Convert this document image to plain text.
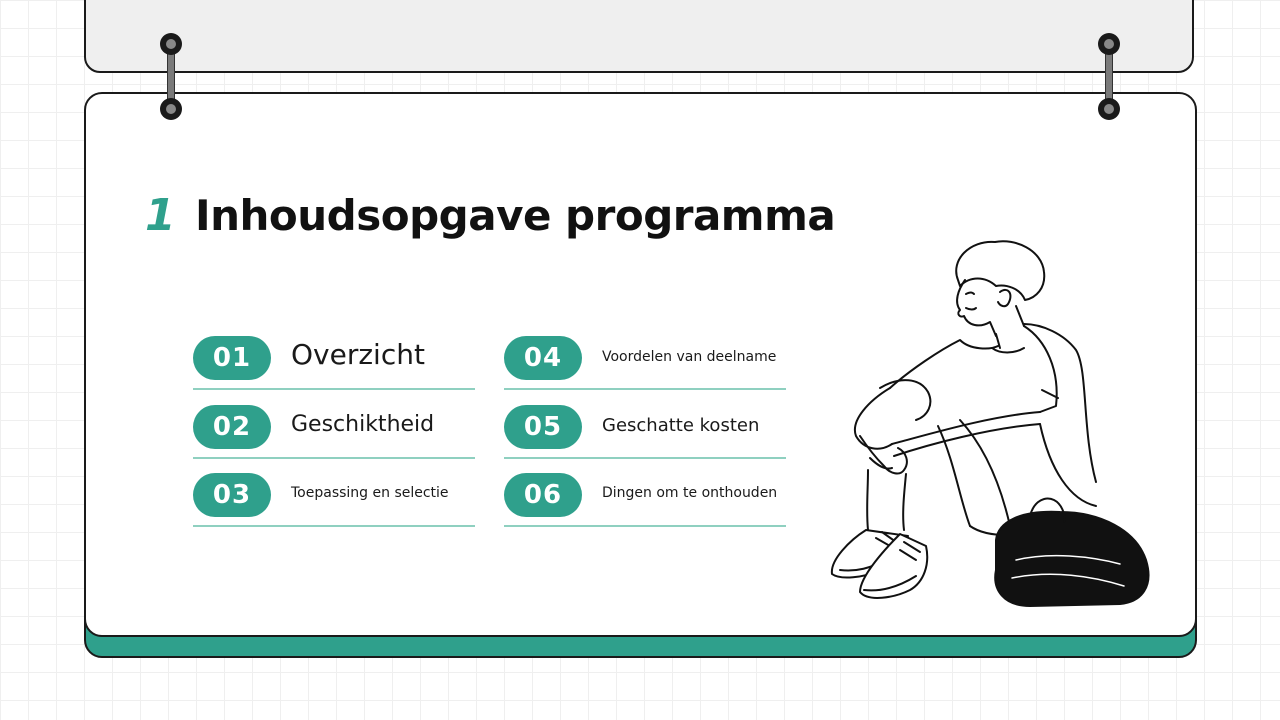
1 Inhoudsopgave programma
01	Overzicht
02	Geschiktheid
03	Toepassing en selectie
04	Voordelen van deelname
05	Geschatte kosten
06	Dingen om te onthouden
